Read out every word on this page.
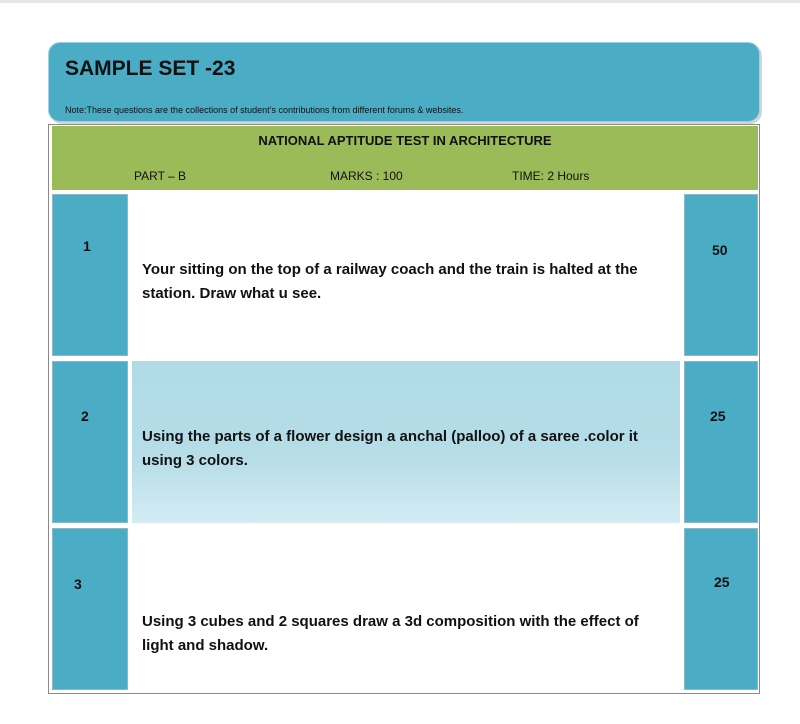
SAMPLE SET -23
Note:These questions are the collections of student’s contributions from different forums & websites.
NATIONAL APTITUDE TEST IN ARCHITECTURE
PART – B	MARKS : 100	TIME: 2 Hours
1
Your sitting on the top of a railway coach and the train is halted at the station. Draw what u see.
50
2
Using the parts of a flower design a anchal (palloo) of a saree .color it using 3 colors.
25
3
Using 3 cubes and 2 squares draw a 3d composition with the effect of light and shadow.
25
